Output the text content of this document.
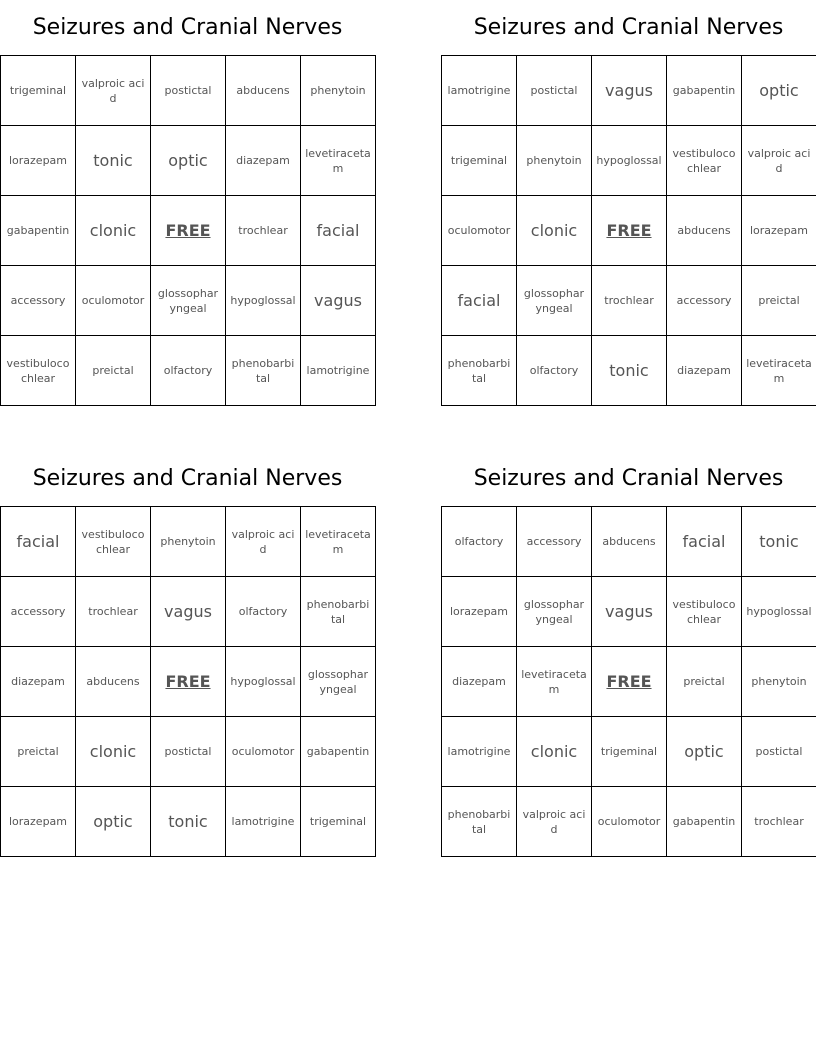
Seizures and Cranial Nerves
trigeminal	valproic acid	postictal	abducens	phenytoin
lorazepam	tonic	optic	diazepam	levetiracetam
gabapentin	clonic	FREE	trochlear	facial
accessory	oculomotor	glossopharyngeal	hypoglossal	vagus
vestibulocochlear	preictal	olfactory	phenobarbital	lamotrigine
Seizures and Cranial Nerves
lamotrigine	postictal	vagus	gabapentin	optic
trigeminal	phenytoin	hypoglossal	vestibulocochlear	valproic acid
oculomotor	clonic	FREE	abducens	lorazepam
facial	glossopharyngeal	trochlear	accessory	preictal
phenobarbital	olfactory	tonic	diazepam	levetiracetam
Seizures and Cranial Nerves
facial	vestibulocochlear	phenytoin	valproic acid	levetiracetam
accessory	trochlear	vagus	olfactory	phenobarbital
diazepam	abducens	FREE	hypoglossal	glossopharyngeal
preictal	clonic	postictal	oculomotor	gabapentin
lorazepam	optic	tonic	lamotrigine	trigeminal
Seizures and Cranial Nerves
olfactory	accessory	abducens	facial	tonic
lorazepam	glossopharyngeal	vagus	vestibulocochlear	hypoglossal
diazepam	levetiracetam	FREE	preictal	phenytoin
lamotrigine	clonic	trigeminal	optic	postictal
phenobarbital	valproic acid	oculomotor	gabapentin	trochlear
